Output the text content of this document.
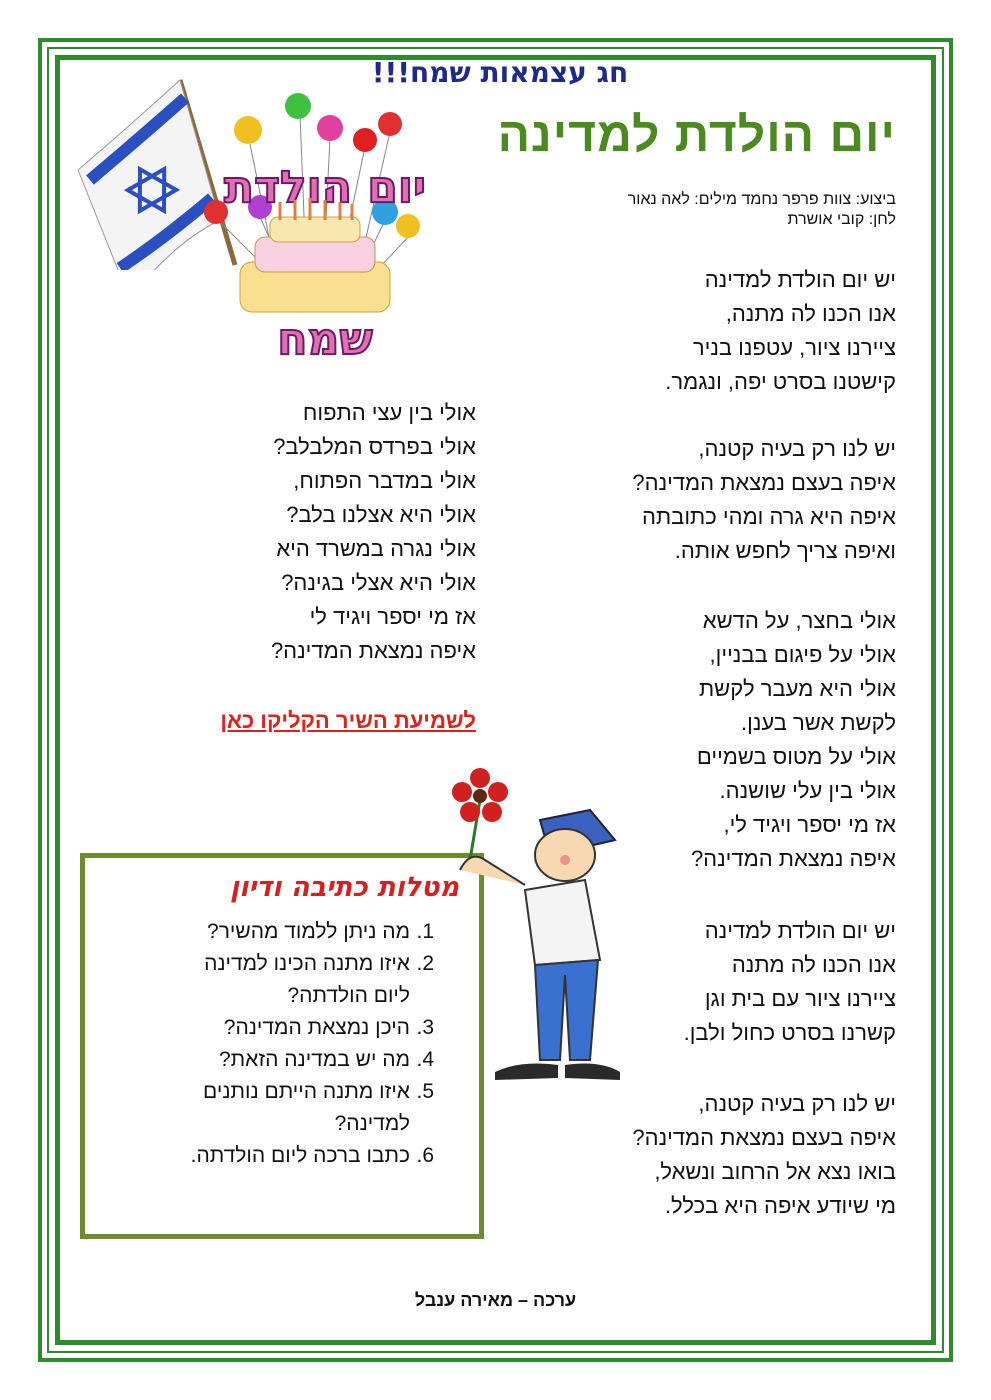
חג עצמאות שמח!!!
יום הולדת למדינה
ביצוע: צוות פרפר נחמד מילים: לאה נאור
לחן: קובי אושרת
יום הולדת
שמח
יש יום הולדת למדינה
אנו הכנו לה מתנה,
ציירנו ציור, עטפנו בניר
קישטנו בסרט יפה, ונגמר.
יש לנו רק בעיה קטנה,
איפה בעצם נמצאת המדינה?
איפה היא גרה ומהי כתובתה
ואיפה צריך לחפש אותה.
אולי בחצר, על הדשא
אולי על פיגום בבניין,
אולי היא מעבר לקשת
לקשת אשר בענן.
אולי על מטוס בשמיים
אולי בין עלי שושנה.
אז מי יספר ויגיד לי,
איפה נמצאת המדינה?
יש יום הולדת למדינה
אנו הכנו לה מתנה
ציירנו ציור עם בית וגן
קשרנו בסרט כחול ולבן.
יש לנו רק בעיה קטנה,
איפה בעצם נמצאת המדינה?
בואו נצא אל הרחוב ונשאל,
מי שיודע איפה היא בכלל.
אולי בין עצי התפוח
אולי בפרדס המלבלב?
אולי במדבר הפתוח,
אולי היא אצלנו בלב?
אולי נגרה במשרד היא
אולי היא אצלי בגינה?
אז מי יספר ויגיד לי
איפה נמצאת המדינה?
לשמיעת השיר הקליקו כאן
מטלות כתיבה ודיון
1.
מה ניתן ללמוד מהשיר?
2.
איזו מתנה הכינו למדינה
ליום הולדתה?
3.
היכן נמצאת המדינה?
4.
מה יש במדינה הזאת?
5.
איזו מתנה הייתם נותנים
למדינה?
6.
כתבו ברכה ליום הולדתה.
ערכה – מאירה ענבל
